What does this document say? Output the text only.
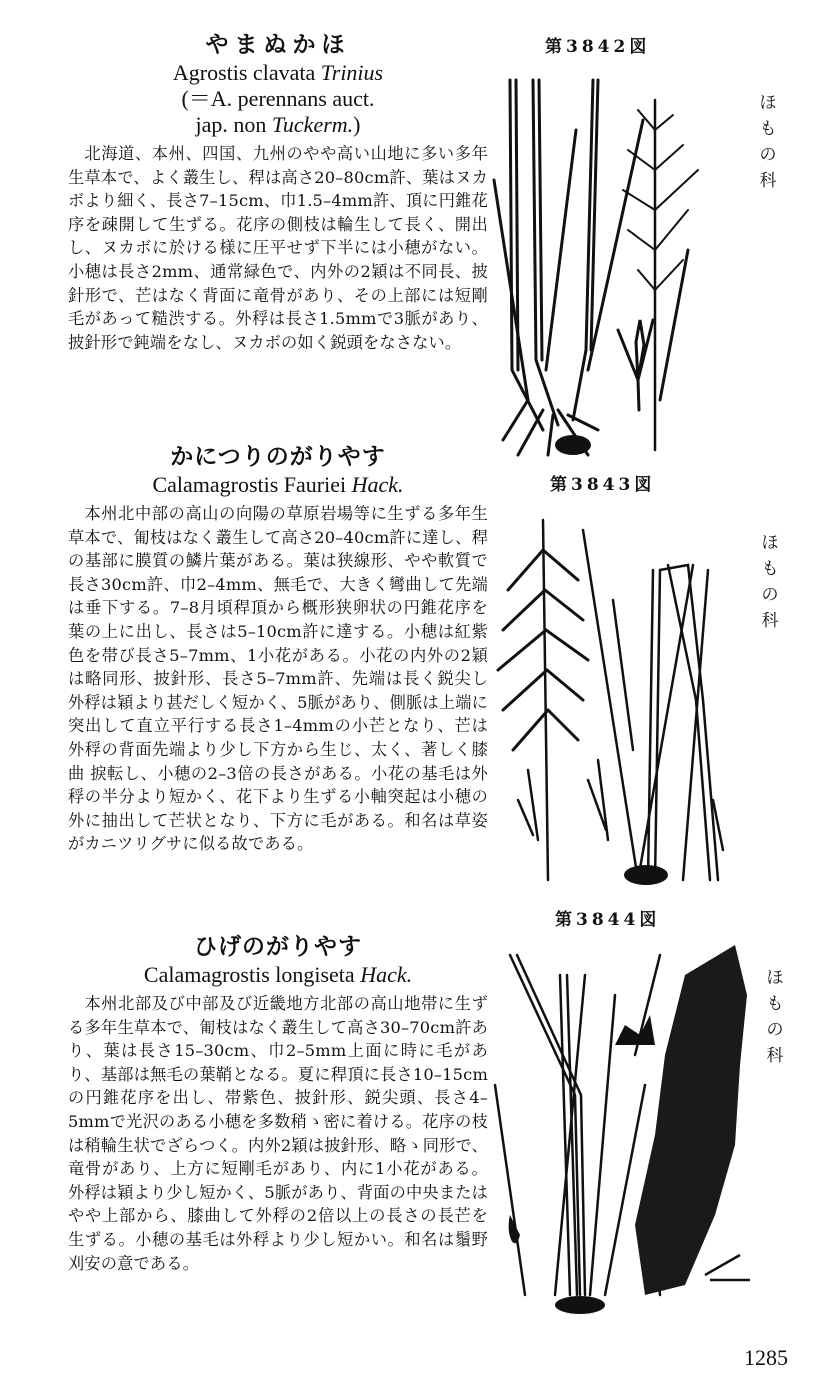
やまぬかほ
Agrostis clavata Trinius
(＝A. perennans auct.
jap. non Tuckerm.)
北海道、本州、四国、九州のやや高い山地に多い多年生草本で、よく叢生し、稈は高さ20–80cm許、葉はヌカボより細く、長さ7–15cm、巾1.5–4mm許、頂に円錐花序を疎開して生ずる。花序の側枝は輪生して長く、開出し、ヌカボに於ける様に圧平せず下半には小穂がない。小穂は長さ2mm、通常緑色で、内外の2穎は不同長、披針形で、芒はなく背面に竜骨があり、その上部には短剛毛があって糙渋する。外稃は長さ1.5mmで3脈があり、披針形で鈍端をなし、ヌカボの如く鋭頭をなさない。
かにつりのがりやす
Calamagrostis Fauriei Hack.
本州北中部の高山の向陽の草原岩場等に生ずる多年生草本で、匍枝はなく叢生して高さ20–40cm許に達し、稈の基部に膜質の鱗片葉がある。葉は狭線形、やや軟質で長さ30cm許、巾2–4mm、無毛で、大きく彎曲して先端は垂下する。7–8月頃稈頂から概形狭卵状の円錐花序を葉の上に出し、長さは5–10cm許に達する。小穂は紅紫色を帯び長さ5–7mm、1小花がある。小花の内外の2穎は略同形、披針形、長さ5–7mm許、先端は長く鋭尖し外稃は穎より甚だしく短かく、5脈があり、側脈は上端に突出して直立平行する長さ1–4mmの小芒となり、芒は外稃の背面先端より少し下方から生じ、太く、著しく膝曲 捩転し、小穂の2–3倍の長さがある。小花の基毛は外稃の半分より短かく、花下より生ずる小軸突起は小穂の外に抽出して芒状となり、下方に毛がある。和名は草姿がカニツリグサに似る故である。
ひげのがりやす
Calamagrostis longiseta Hack.
本州北部及び中部及び近畿地方北部の高山地帯に生ずる多年生草本で、匍枝はなく叢生して高さ30–70cm許あり、葉は長さ15–30cm、巾2–5mm上面に時に毛があり、基部は無毛の葉鞘となる。夏に稈頂に長さ10–15cmの円錐花序を出し、帯紫色、披針形、鋭尖頭、長さ4–5mmで光沢のある小穂を多数稍ゝ密に着ける。花序の枝は稍輪生状でざらつく。内外2穎は披針形、略ゝ同形で、竜骨があり、上方に短剛毛があり、内に1小花がある。外稃は穎より少し短かく、5脈があり、背面の中央またはやや上部から、膝曲して外稃の2倍以上の長さの長芒を生ずる。小穂の基毛は外稃より少し短かい。和名は鬚野刈安の意である。
第3842図
ほ
も
の
科
第3843図
ほ
も
の
科
第3844図
ほ
も
の
科
1285
